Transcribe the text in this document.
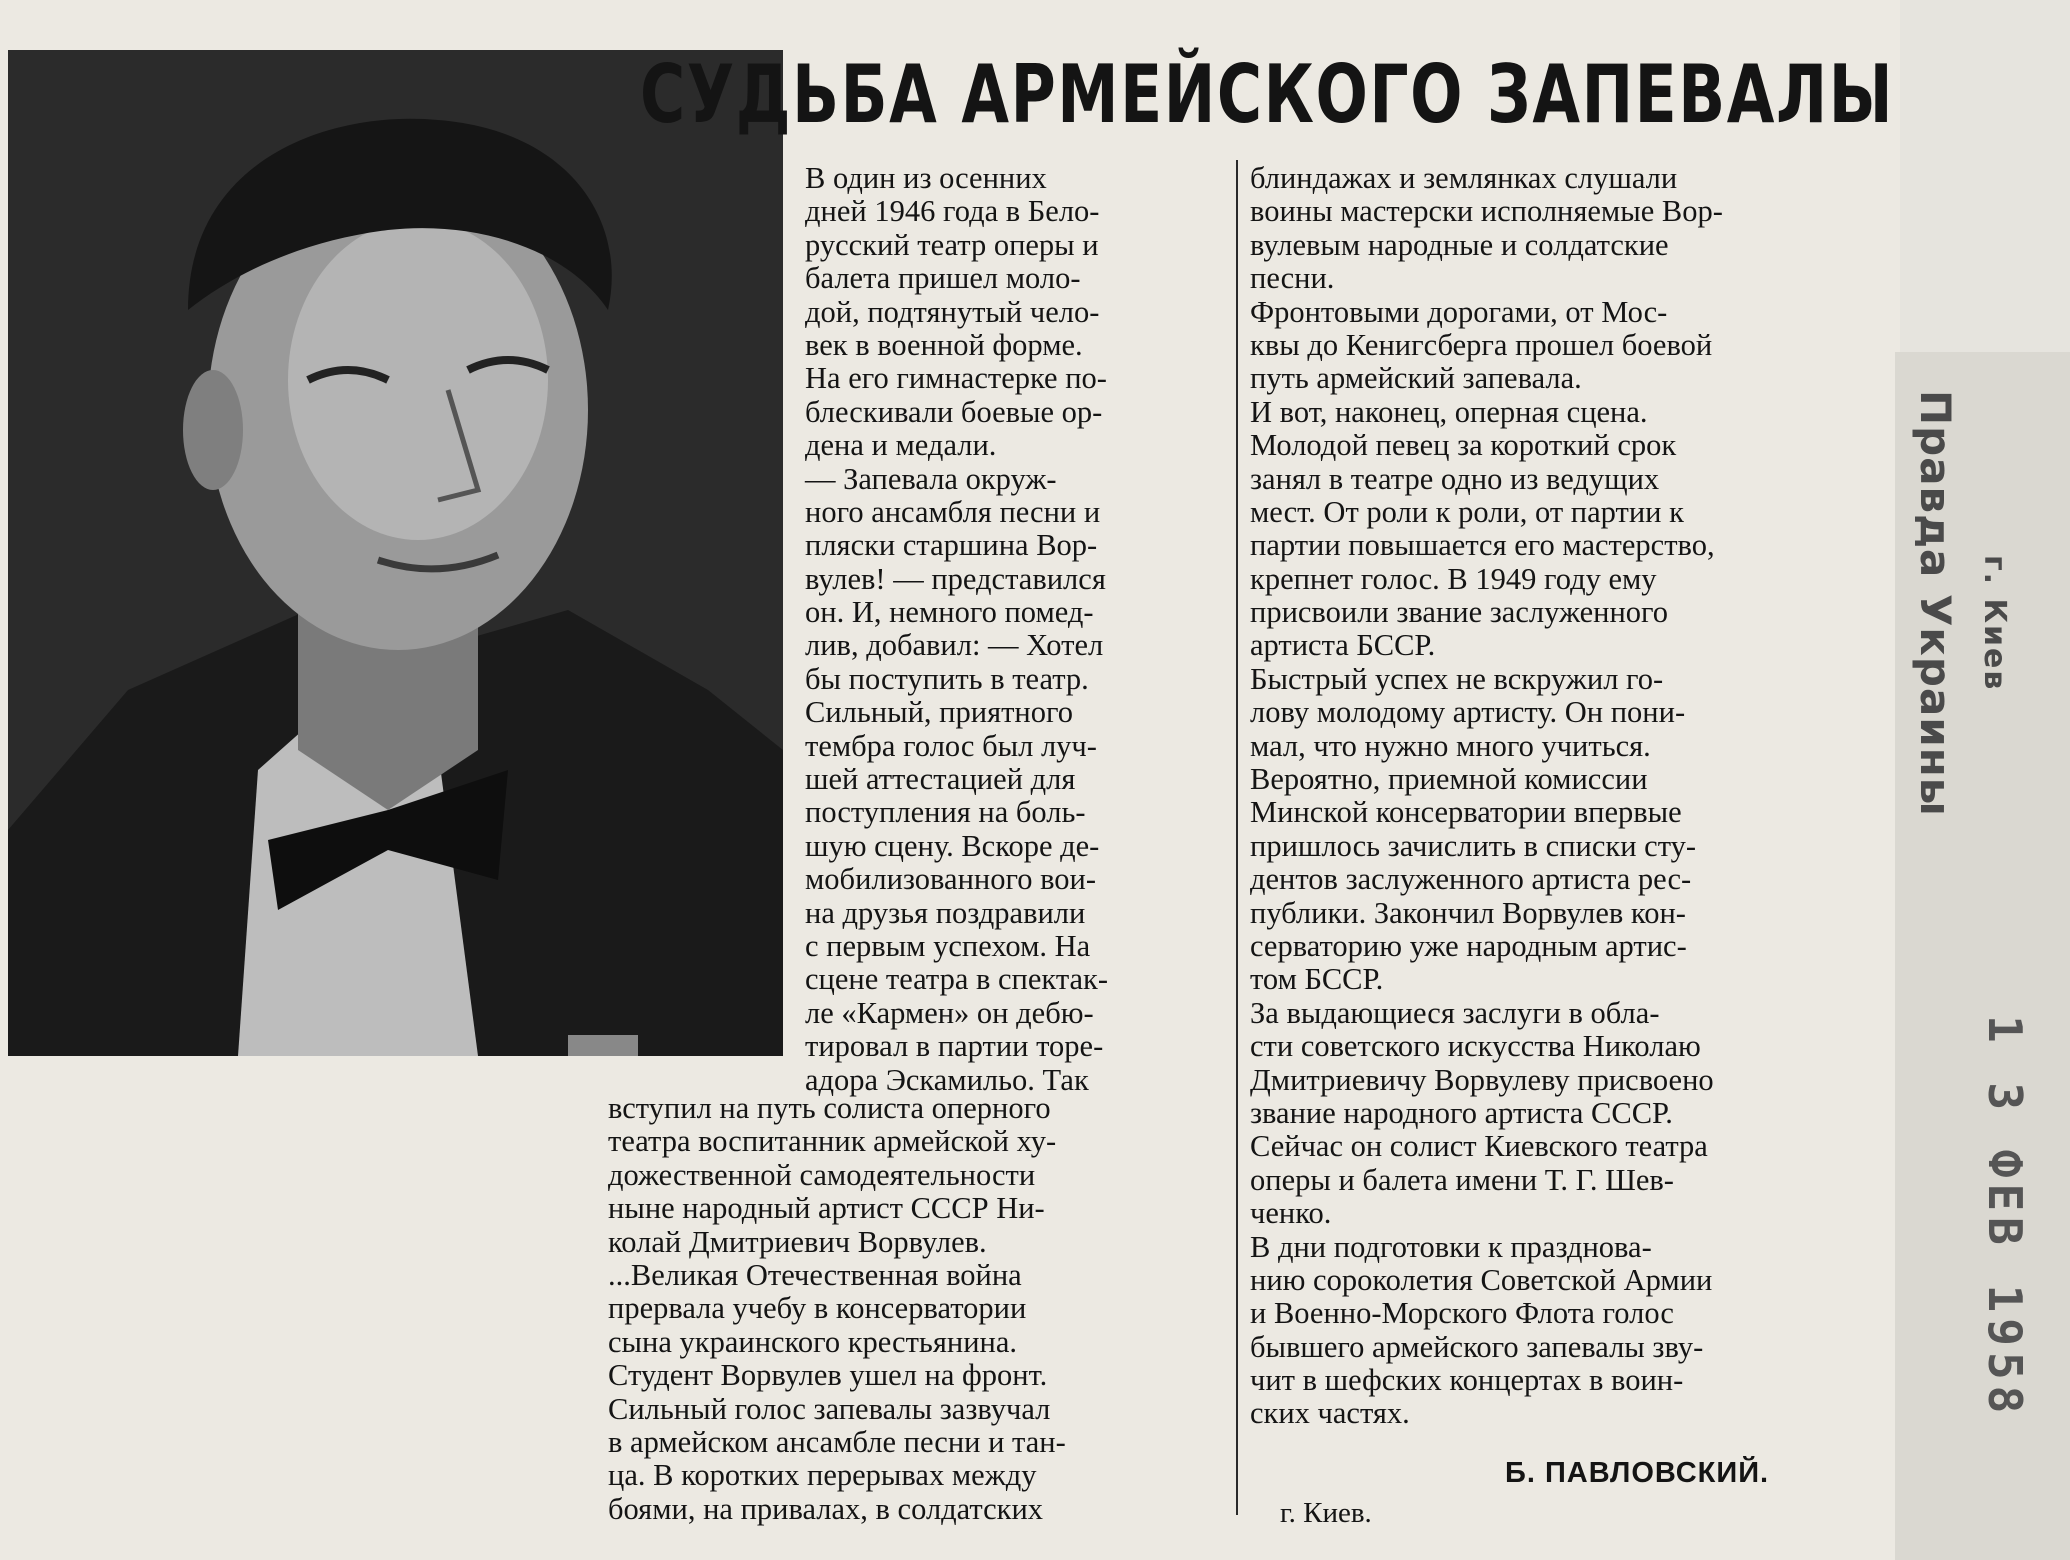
СУДЬБА АРМЕЙСКОГО ЗАПЕВАЛЫ
В один из осенних
дней 1946 года в Бело-
русский театр оперы и
балета пришел моло-
дой, подтянутый чело-
век в военной форме.
На его гимнастерке по-
блескивали боевые ор-
дена и медали.
— Запевала окруж-
ного ансамбля песни и
пляски старшина Вор-
вулев! — представился
он. И, немного помед-
лив, добавил: — Хотел
бы поступить в театр.
Сильный, приятного
тембра голос был луч-
шей аттестацией для
поступления на боль-
шую сцену. Вскоре де-
мобилизованного вои-
на друзья поздравили
с первым успехом. На
сцене театра в спектак-
ле «Кармен» он дебю-
тировал в партии торе-
адора Эскамильо. Так
вступил на путь солиста оперного
театра воспитанник армейской ху-
дожественной самодеятельности
ныне народный артист СССР Ни-
колай Дмитриевич Ворвулев.
...Великая Отечественная война
прервала учебу в консерватории
сына украинского крестьянина.
Студент Ворвулев ушел на фронт.
Сильный голос запевалы зазвучал
в армейском ансамбле песни и тан-
ца. В коротких перерывах между
боями, на привалах, в солдатских
блиндажах и землянках слушали
воины мастерски исполняемые Вор-
вулевым народные и солдатские
песни.
Фронтовыми дорогами, от Мос-
квы до Кенигсберга прошел боевой
путь армейский запевала.
И вот, наконец, оперная сцена.
Молодой певец за короткий срок
занял в театре одно из ведущих
мест. От роли к роли, от партии к
партии повышается его мастерство,
крепнет голос. В 1949 году ему
присвоили звание заслуженного
артиста БССР.
Быстрый успех не вскружил го-
лову молодому артисту. Он пони-
мал, что нужно много учиться.
Вероятно, приемной комиссии
Минской консерватории впервые
пришлось зачислить в списки сту-
дентов заслуженного артиста рес-
публики. Закончил Ворвулев кон-
серваторию уже народным артис-
том БССР.
За выдающиеся заслуги в обла-
сти советского искусства Николаю
Дмитриевичу Ворвулеву присвоено
звание народного артиста СССР.
Сейчас он солист Киевского театра
оперы и балета имени Т. Г. Шев-
ченко.
В дни подготовки к празднова-
нию сороколетия Советской Армии
и Военно-Морского Флота голос
бывшего армейского запевалы зву-
чит в шефских концертах в воин-
ских частях.
Б. ПАВЛОВСКИЙ.
г. Киев.
Правда Украины г. Киев
1 3 ФЕВ 1958
